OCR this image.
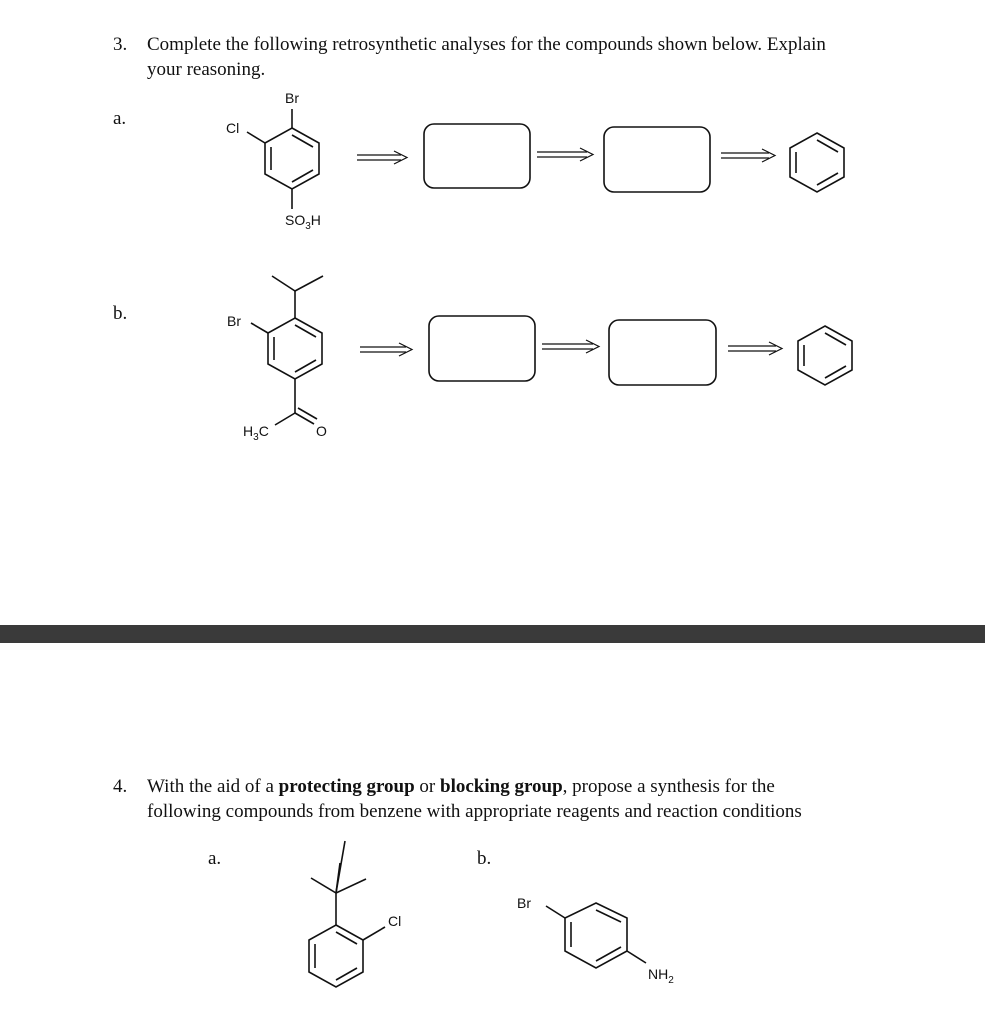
3. Complete the following retrosynthetic analyses for the compounds shown below. Explain
your reasoning.
a.
b.
Br
Cl
$SO_3H$
Br
$H_3C$	O
4. With the aid of a protecting group or blocking group, propose a synthesis for the
following compounds from benzene with appropriate reagents and reaction conditions
a.	b.
Cl
Br
$NH_2$
